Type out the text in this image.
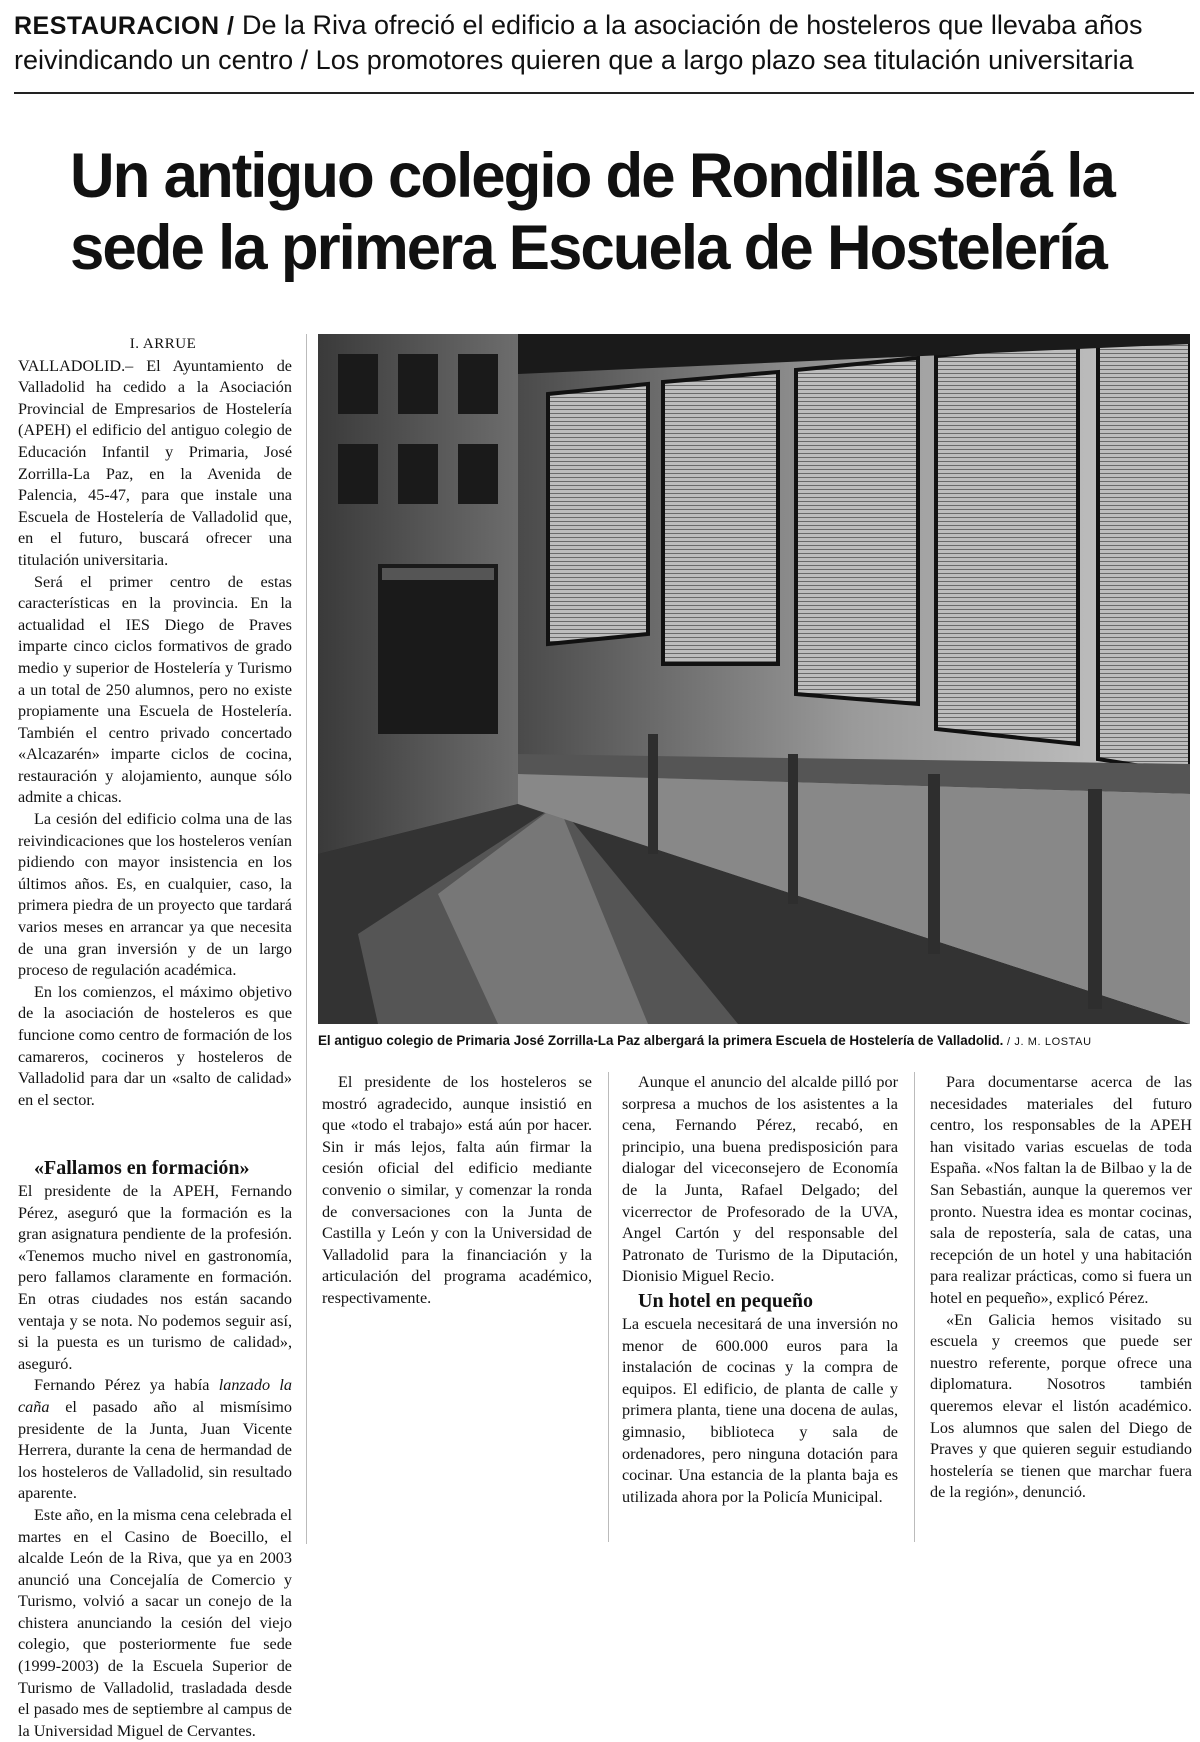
RESTAURACION / De la Riva ofreció el edificio a la asociación de hosteleros que llevaba años
reivindicando un centro / Los promotores quieren que a largo plazo sea titulación universitaria
Un antiguo colegio de Rondilla será la sede la primera Escuela de Hostelería

I. ARRUE

VALLADOLID.– El Ayuntamiento de Valladolid ha cedido a la Asociación Provincial de Empresarios de Hostelería (APEH) el edificio del antiguo colegio de Educación Infantil y Primaria, José Zorrilla-La Paz, en la Avenida de Palencia, 45-47, para que instale una Escuela de Hostelería de Valladolid que, en el futuro, buscará ofrecer una titulación universitaria.

Será el primer centro de estas características en la provincia. En la actualidad el IES Diego de Praves imparte cinco ciclos formativos de grado medio y superior de Hostelería y Turismo a un total de 250 alumnos, pero no existe propiamente una Escuela de Hostelería. También el centro privado concertado «Alcazarén» imparte ciclos de cocina, restauración y alojamiento, aunque sólo admite a chicas.

La cesión del edificio colma una de las reivindicaciones que los hosteleros venían pidiendo con mayor insistencia en los últimos años. Es, en cualquier, caso, la primera piedra de un proyecto que tardará varios meses en arrancar ya que necesita de una gran inversión y de un largo proceso de regulación académica.

En los comienzos, el máximo objetivo de la asociación de hosteleros es que funcione como centro de formación de los camareros, cocineros y hosteleros de Valladolid para dar un «salto de calidad» en el sector.

«Fallamos en formación»

El presidente de la APEH, Fernando Pérez, aseguró que la formación es la gran asignatura pendiente de la profesión. «Tenemos mucho nivel en gastronomía, pero fallamos claramente en formación. En otras ciudades nos están sacando ventaja y se notа. No podemos seguir así, si la puesta es un turismo de calidad», aseguró.

Fernando Pérez ya había lanzado la caña el pasado año al mismísimo presidente de la Junta, Juan Vicente Herrera, durante la cena de hermandad de los hosteleros de Valladolid, sin resultado aparente.

Este año, en la misma cena celebrada el martes en el Casino de Boecillo, el alcalde León de la Riva, que ya en 2003 anunció una Concejalía de Comercio y Turismo, volvió a sacar un conejo de la chistera anunciando la cesión del viejo colegio, que posteriormente fue sede (1999-2003) de la Escuela Superior de Turismo de Valladolid, trasladada desde el pasado mes de septiembre al campus de la Universidad Miguel de Cervantes.

El presidente de los hosteleros se mostró agradecido, aunque insistió en que «todo el trabajo» está aún por hacer. Sin ir más lejos, falta aún firmar la cesión oficial del edificio mediante convenio o similar, y comenzar la ronda de conversaciones con la Junta de Castilla y León y con la Universidad de Valladolid para la financiación y la articulación del programa académico, respectivamente.

Aunque el anuncio del alcalde pilló por sorpresa a muchos de los asistentes a la cena, Fernando Pérez, recabó, en principio, una buena predisposición para dialogar del viceconsejero de Economía de la Junta, Rafael Delgado; del vicerrector de Profesorado de la UVA, Angel Cartón y del responsable del Patronato de Turismo de la Diputación, Dionisio Miguel Recio.

Un hotel en pequeño

La escuela necesitará de una inversión no menor de 600.000 euros para la instalación de cocinas y la compra de equipos. El edificio, de planta de calle y primera planta, tiene una docena de aulas, gimnasio, biblioteca y sala de ordenadores, pero ninguna dotación para cocinar. Una estancia de la planta baja es utilizada ahora por la Policía Municipal.

Para documentarse acerca de las necesidades materiales del futuro centro, los responsables de la APEH han visitado varias escuelas de toda España. «Nos faltan la de Bilbao y la de San Sebastián, aunque la queremos ver pronto. Nuestra idea es montar cocinas, sala de repostería, sala de catas, una recepción de un hotel y una habitación para realizar prácticas, como si fuera un hotel en pequeño», explicó Pérez.

«En Galicia hemos visitado su escuela y creemos que puede ser nuestro referente, porque ofrece una diplomatura. Nosotros también queremos elevar el listón académico. Los alumnos que salen del Diego de Praves y que quieren seguir estudiando hostelería se tienen que marchar fuera de la región», denunció.

El antiguo colegio de Primaria José Zorrilla-La Paz albergará la primera Escuela de Hostelería de Valladolid. / J. M. LOSTAU
